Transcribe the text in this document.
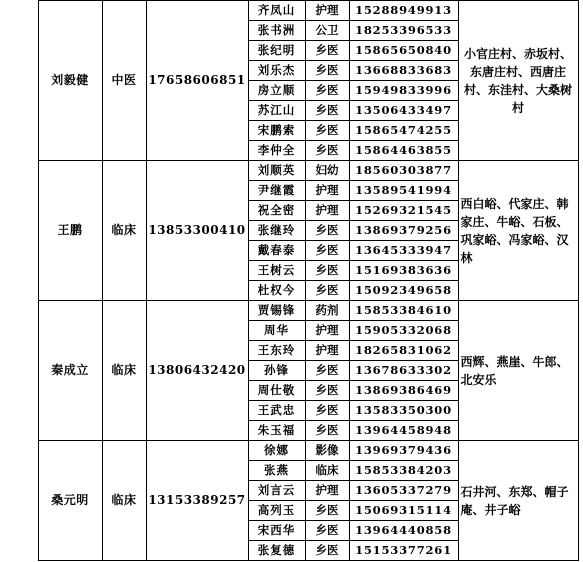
	刘毅健	中医	17658606851	齐凤山	护理	15288949913	小官庄村、赤坂村、东唐庄村、西唐庄村、东洼村、大桑树村	
				张书洲	公卫	18253396533		
				张纪明	乡医	15865650840		
				刘乐杰	乡医	13668833683		
				房立顺	乡医	15949833996		
				苏江山	乡医	13506433497		
				宋鹏索	乡医	15865474255		
				李仲全	乡医	15864463855		
	王鹏	临床	13853300410	刘顺英	妇幼	18560303877	西白峪、代家庄、韩家庄、牛峪、石板、巩家峪、冯家峪、汉林	
				尹继霞	护理	13589541994		
				祝全密	护理	15269321545		
				张继玲	乡医	13869379256		
				戴春泰	乡医	13645333947		
				王树云	乡医	15169383636		
				杜权今	乡医	15092349658		
	秦成立	临床	13806432420	贾锡锋	药剂	15853384610	西辉、燕崖、牛郎、北安乐	
				周华	护理	15905332068		
				王东玲	护理	18265831062		
				孙锋	乡医	13678633302		
				周仕敬	乡医	13869386469		
				王武忠	乡医	13583350300		
				朱玉福	乡医	13964458948		
	桑元明	临床	13153389257	徐娜	影像	13969379436	石井河、东郑、帽子庵、井子峪	
				张燕	临床	15853384203		
				刘言云	护理	13605337279		
				高列玉	乡医	15069315114		
				宋西华	乡医	13964440858		
				张复德	乡医	15153377261		
